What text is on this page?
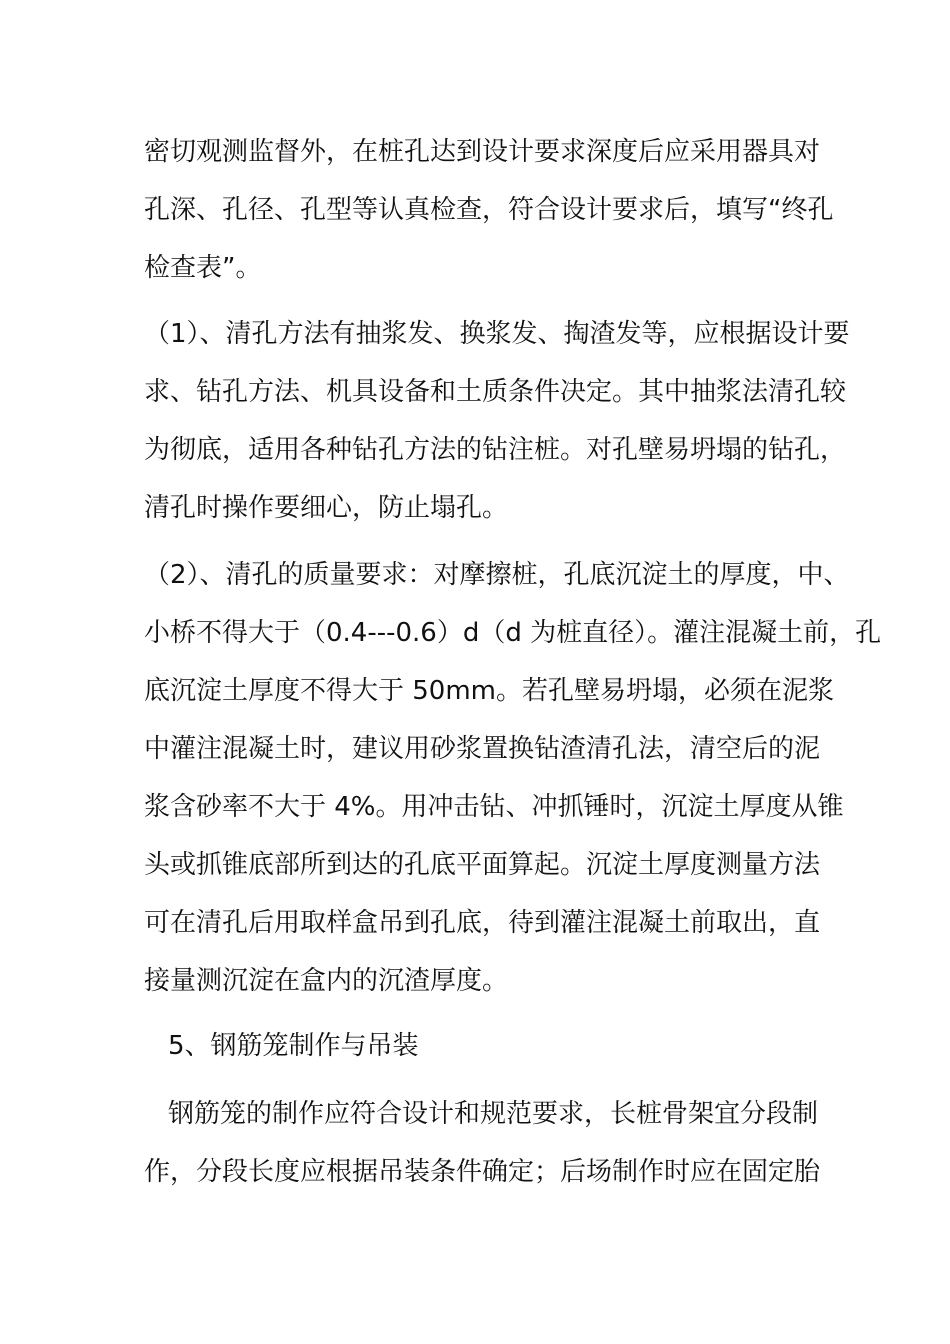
密切观测监督外，在桩孔达到设计要求深度后应采用器具对
孔深、孔径、孔型等认真检查，符合设计要求后，填写“终孔
检查表”。
（1）、清孔方法有抽浆发、换浆发、掏渣发等，应根据设计要
求、钻孔方法、机具设备和土质条件决定。其中抽浆法清孔较
为彻底，适用各种钻孔方法的钻注桩。对孔壁易坍塌的钻孔，
清孔时操作要细心，防止塌孔。
（2）、清孔的质量要求：对摩擦桩，孔底沉淀土的厚度，中、
小桥不得大于（0.4---0.6）d（d 为桩直径）。灌注混凝土前，孔
底沉淀土厚度不得大于 50mm。若孔壁易坍塌，必须在泥浆
中灌注混凝土时，建议用砂浆置换钻渣清孔法，清空后的泥
浆含砂率不大于 4%。用冲击钻、冲抓锤时，沉淀土厚度从锥
头或抓锥底部所到达的孔底平面算起。沉淀土厚度测量方法
可在清孔后用取样盒吊到孔底，待到灌注混凝土前取出，直
接量测沉淀在盒内的沉渣厚度。
5、钢筋笼制作与吊装
钢筋笼的制作应符合设计和规范要求，长桩骨架宜分段制
作，分段长度应根据吊装条件确定；后场制作时应在固定胎
